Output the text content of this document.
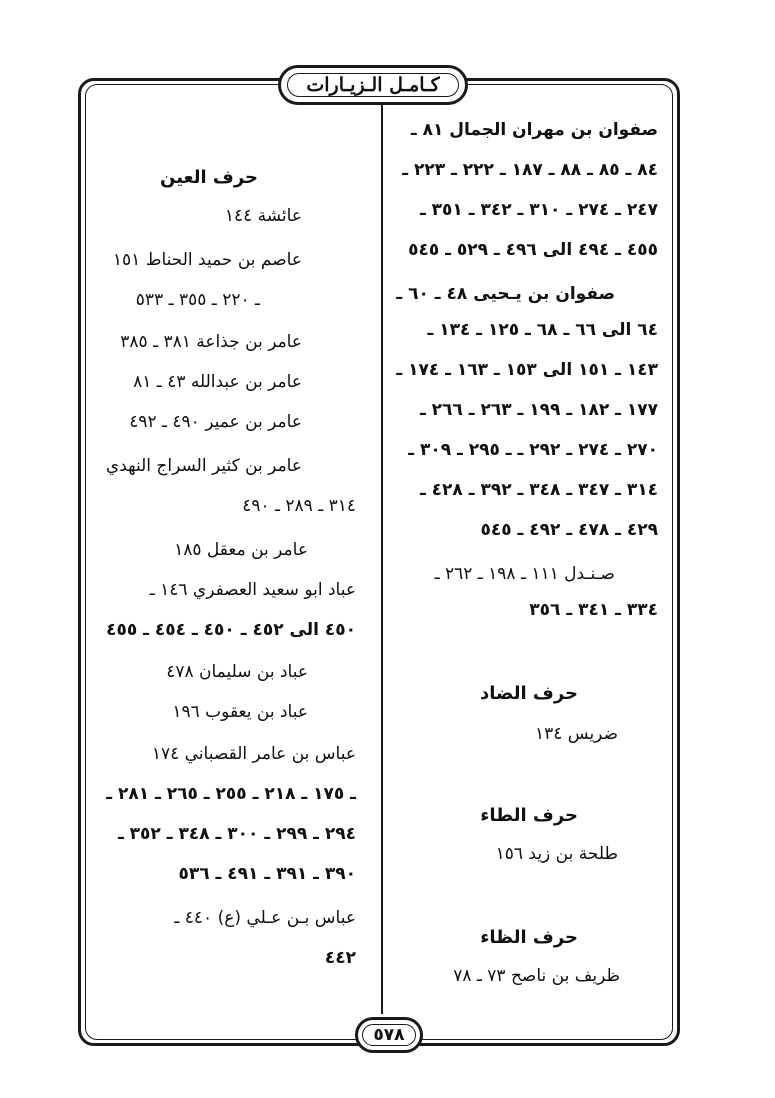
كـامـل الـزيـارات
صفوان بن مهران الجمال ٨١ ـ
٨٤ ـ ٨٥ ـ ٨٨ ـ ١٨٧ ـ ٢٢٢ ـ ٢٢٣ ـ
٢٤٧ ـ ٢٧٤ ـ ٣١٠ ـ ٣٤٢ ـ ٣٥١ ـ
٤٥٥ ـ ٤٩٤ الى ٤٩٦ ـ ٥٢٩ ـ ٥٤٥
صفوان بن يـحيى ٤٨ ـ ٦٠ ـ
٦٤ الى ٦٦ ـ ٦٨ ـ ١٢٥ ـ ١٣٤ ـ
١٤٣ ـ ١٥١ الى ١٥٣ ـ ١٦٣ ـ ١٧٤ ـ
١٧٧ ـ ١٨٢ ـ ١٩٩ ـ ٢٦٣ ـ ٢٦٦ ـ
٢٧٠ ـ ٢٧٤ ـ ٢٩٢ ـ ـ ٢٩٥ ـ ٣٠٩ ـ
٣١٤ ـ ٣٤٧ ـ ٣٤٨ ـ ٣٩٢ ـ ٤٢٨ ـ
٤٢٩ ـ ٤٧٨ ـ ٤٩٢ ـ ٥٤٥
صـنـدل ١١١ ـ ١٩٨ ـ ٢٦٢ ـ
٣٣٤ ـ ٣٤١ ـ ٣٥٦
حرف الضاد
ضريس ١٣٤
حرف الطاء
طلحة بن زيد ١٥٦
حرف الظاء
ظريف بن ناصح ٧٣ ـ ٧٨
حرف العين
عائشة ١٤٤
عاصم بن حميد الحناط ١٥١
ـ ٢٢٠ ـ ٣٥٥ ـ ٥٣٣
عامر بن جذاعة ٣٨١ ـ ٣٨٥
عامر بن عبدالله ٤٣ ـ ٨١
عامر بن عمير ٤٩٠ ـ ٤٩٢
عامر بن كثير السراج النهدي
٣١٤ ـ ٢٨٩ ـ ٤٩٠
عامر بن معقل ١٨٥
عباد ابو سعيد العصفري ١٤٦ ـ
٤٥٠ الى ٤٥٢ ـ ٤٥٠ ـ ٤٥٤ ـ ٤٥٥
عباد بن سليمان ٤٧٨
عباد بن يعقوب ١٩٦
عباس بن عامر القصباني ١٧٤
ـ ١٧٥ ـ ٢١٨ ـ ٢٥٥ ـ ٢٦٥ ـ ٢٨١ ـ
٢٩٤ ـ ٢٩٩ ـ ٣٠٠ ـ ٣٤٨ ـ ٣٥٢ ـ
٣٩٠ ـ ٣٩١ ـ ٤٩١ ـ ٥٣٦
عباس بـن عـلي (ع) ٤٤٠ ـ
٤٤٢
٥٧٨
